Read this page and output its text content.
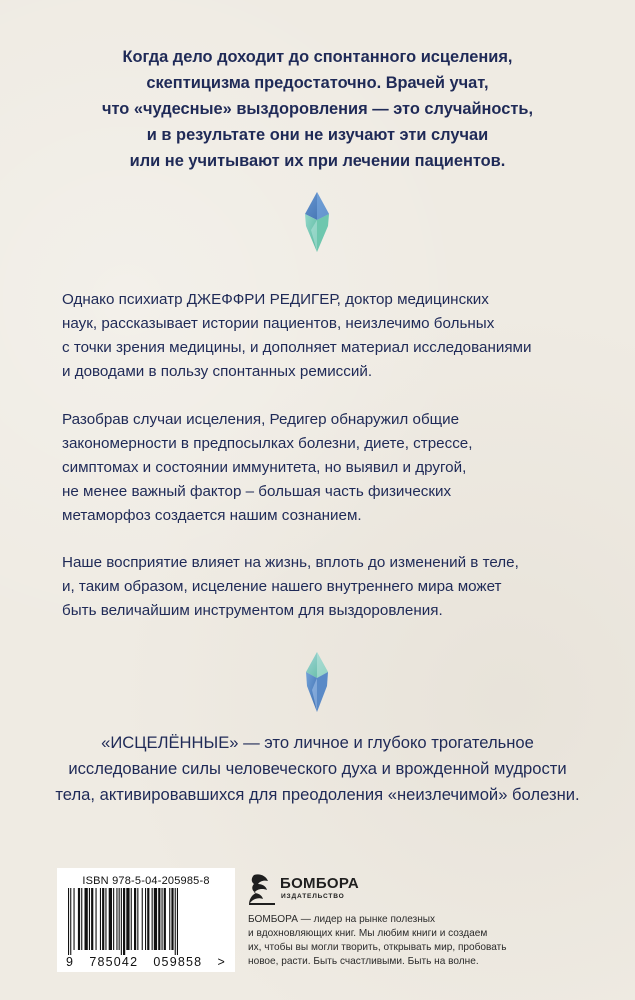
Когда дело доходит до спонтанного исцеления,
скептицизма предостаточно. Врачей учат,
что «чудесные» выздоровления — это случайность,
и в результате они не изучают эти случаи
или не учитывают их при лечении пациентов.
Однако психиатр ДЖЕФФРИ РЕДИГЕР, доктор медицинских
наук, рассказывает истории пациентов, неизлечимо больных
с точки зрения медицины, и дополняет материал исследованиями
и доводами в пользу спонтанных ремиссий.
Разобрав случаи исцеления, Редигер обнаружил общие
закономерности в предпосылках болезни, диете, стрессе,
симптомах и состоянии иммунитета, но выявил и другой,
не менее важный фактор – большая часть физических
метаморфоз создается нашим сознанием.
Наше восприятие влияет на жизнь, вплоть до изменений в теле,
и, таким образом, исцеление нашего внутреннего мира может
быть величайшим инструментом для выздоровления.
«ИСЦЕЛЁННЫЕ» — это личное и глубоко трогательное
исследование силы человеческого духа и врожденной мудрости
тела, активировавшихся для преодоления «неизлечимой» болезни.
ISBN 978-5-04-205985-8
9 785042 059858 >
БОМБОРА
ИЗДАТЕЛЬСТВО
БОМБОРА — лидер на рынке полезных
и вдохновляющих книг. Мы любим книги и создаем
их, чтобы вы могли творить, открывать мир, пробовать
новое, расти. Быть счастливыми. Быть на волне.
